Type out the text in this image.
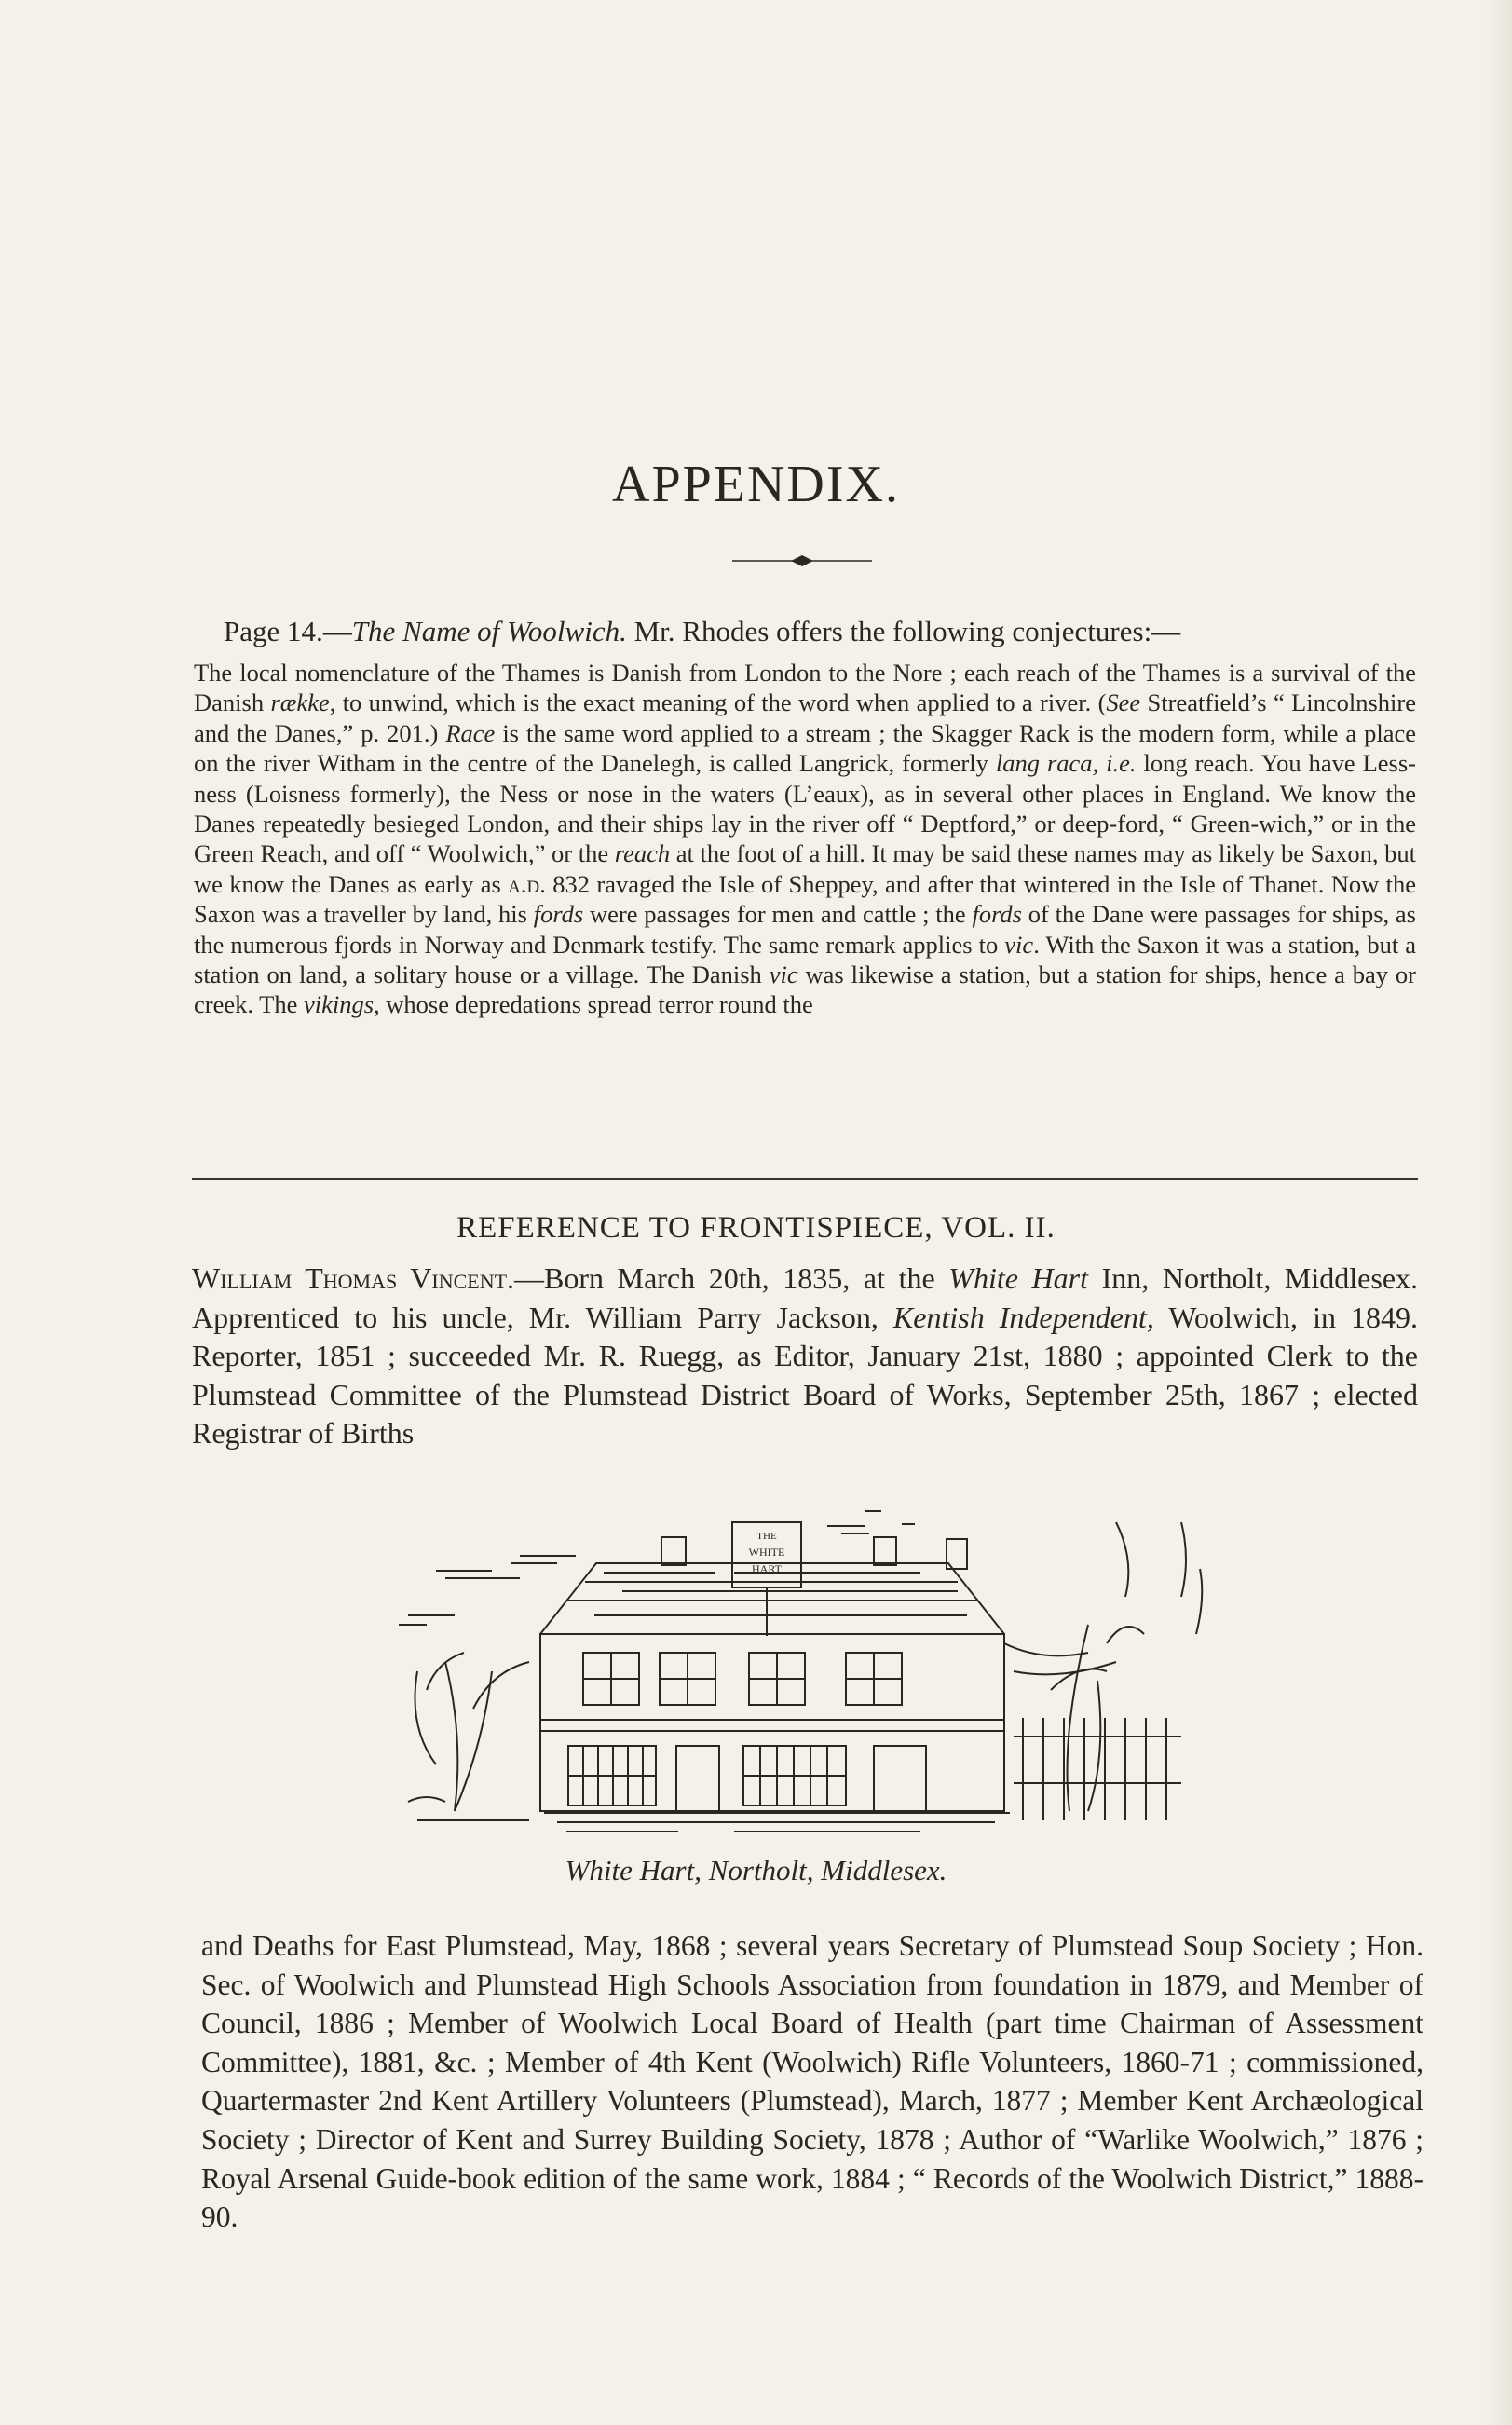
APPENDIX.

Page 14.—The Name of Woolwich. Mr. Rhodes offers the following conjectures:—

The local nomenclature of the Thames is Danish from London to the Nore ; each reach of the Thames is a survival of the Danish række, to unwind, which is the exact meaning of the word when applied to a river. (See Streatfield’s “ Lincolnshire and the Danes,” p. 201.) Race is the same word applied to a stream ; the Skagger Rack is the modern form, while a place on the river Witham in the centre of the Danelegh, is called Langrick, formerly lang raca, i.e. long reach. You have Less-ness (Loisness formerly), the Ness or nose in the waters (L’eaux), as in several other places in England. We know the Danes repeatedly besieged London, and their ships lay in the river off “ Deptford,” or deep-ford, “ Green-wich,” or in the Green Reach, and off “ Woolwich,” or the reach at the foot of a hill. It may be said these names may as likely be Saxon, but we know the Danes as early as a.d. 832 ravaged the Isle of Sheppey, and after that wintered in the Isle of Thanet. Now the Saxon was a traveller by land, his fords were passages for men and cattle ; the fords of the Dane were passages for ships, as the numerous fjords in Norway and Denmark testify. The same remark applies to vic. With the Saxon it was a station, but a station on land, a solitary house or a village. The Danish vic was likewise a station, but a station for ships, hence a bay or creek. The vikings, whose depredations spread terror round the

REFERENCE TO FRONTISPIECE, VOL. II.

William Thomas Vincent.—Born March 20th, 1835, at the White Hart Inn, Northolt, Middlesex. Apprenticed to his uncle, Mr. William Parry Jackson, Kentish Independent, Woolwich, in 1849. Reporter, 1851 ; succeeded Mr. R. Ruegg, as Editor, January 21st, 1880 ; appointed Clerk to the Plumstead Committee of the Plumstead District Board of Works, September 25th, 1867 ; elected Registrar of Births

THE
WHITE
HART

White Hart, Northolt, Middlesex.

and Deaths for East Plumstead, May, 1868 ; several years Secretary of Plumstead Soup Society ; Hon. Sec. of Woolwich and Plumstead High Schools Association from foundation in 1879, and Member of Council, 1886 ; Member of Woolwich Local Board of Health (part time Chairman of Assessment Committee), 1881, &c. ; Member of 4th Kent (Woolwich) Rifle Volunteers, 1860-71 ; commissioned, Quartermaster 2nd Kent Artillery Volunteers (Plumstead), March, 1877 ; Member Kent Archæological Society ; Director of Kent and Surrey Building Society, 1878 ; Author of “Warlike Woolwich,” 1876 ; Royal Arsenal Guide-book edition of the same work, 1884 ; “ Records of the Woolwich District,” 1888-90.
